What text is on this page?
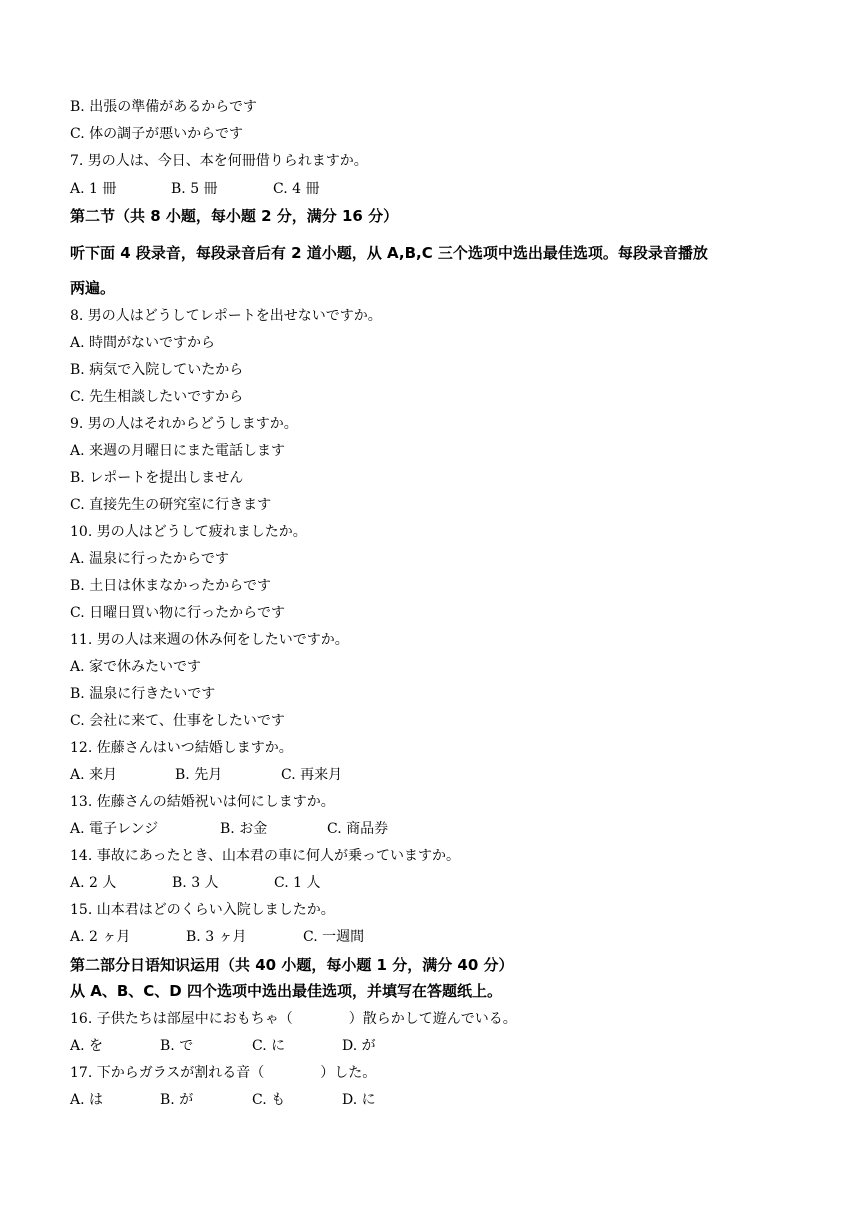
B. 出張の準備があるからです
C. 体の調子が悪いからです
7. 男の人は、今日、本を何冊借りられますか。
A. 1 冊	B. 5 冊	C. 4 冊
第二节（共 8 小题，每小题 2 分，满分 16 分）
听下面 4 段录音，每段录音后有 2 道小题，从 A,B,C 三个选项中选出最佳选项。每段录音播放
两遍。
8. 男の人はどうしてレポートを出せないですか。
A. 時間がないですから
B. 病気で入院していたから
C. 先生相談したいですから
9. 男の人はそれからどうしますか。
A. 来週の月曜日にまた電話します
B. レポートを提出しません
C. 直接先生の研究室に行きます
10. 男の人はどうして疲れましたか。
A. 温泉に行ったからです
B. 土日は休まなかったからです
C. 日曜日買い物に行ったからです
11. 男の人は来週の休み何をしたいですか。
A. 家で休みたいです
B. 温泉に行きたいです
C. 会社に来て、仕事をしたいです
12. 佐藤さんはいつ結婚しますか。
A. 来月	B. 先月	C. 再来月
13. 佐藤さんの結婚祝いは何にしますか。
A. 電子レンジ	B. お金	C. 商品券
14. 事故にあったとき、山本君の車に何人が乗っていますか。
A. 2 人	B. 3 人	C. 1 人
15. 山本君はどのくらい入院しましたか。
A. 2 ヶ月	B. 3 ヶ月	C. 一週間
第二部分日语知识运用（共 40 小题，每小题 1 分，满分 40 分）
从 A、B、C、D 四个选项中选出最佳选项，并填写在答题纸上。
16. 子供たちは部屋中におもちゃ（　　　　）散らかして遊んでいる。
A. を	B. で	C. に	D. が
17. 下からガラスが割れる音（　　　　）した。
A. は	B. が	C. も	D. に
